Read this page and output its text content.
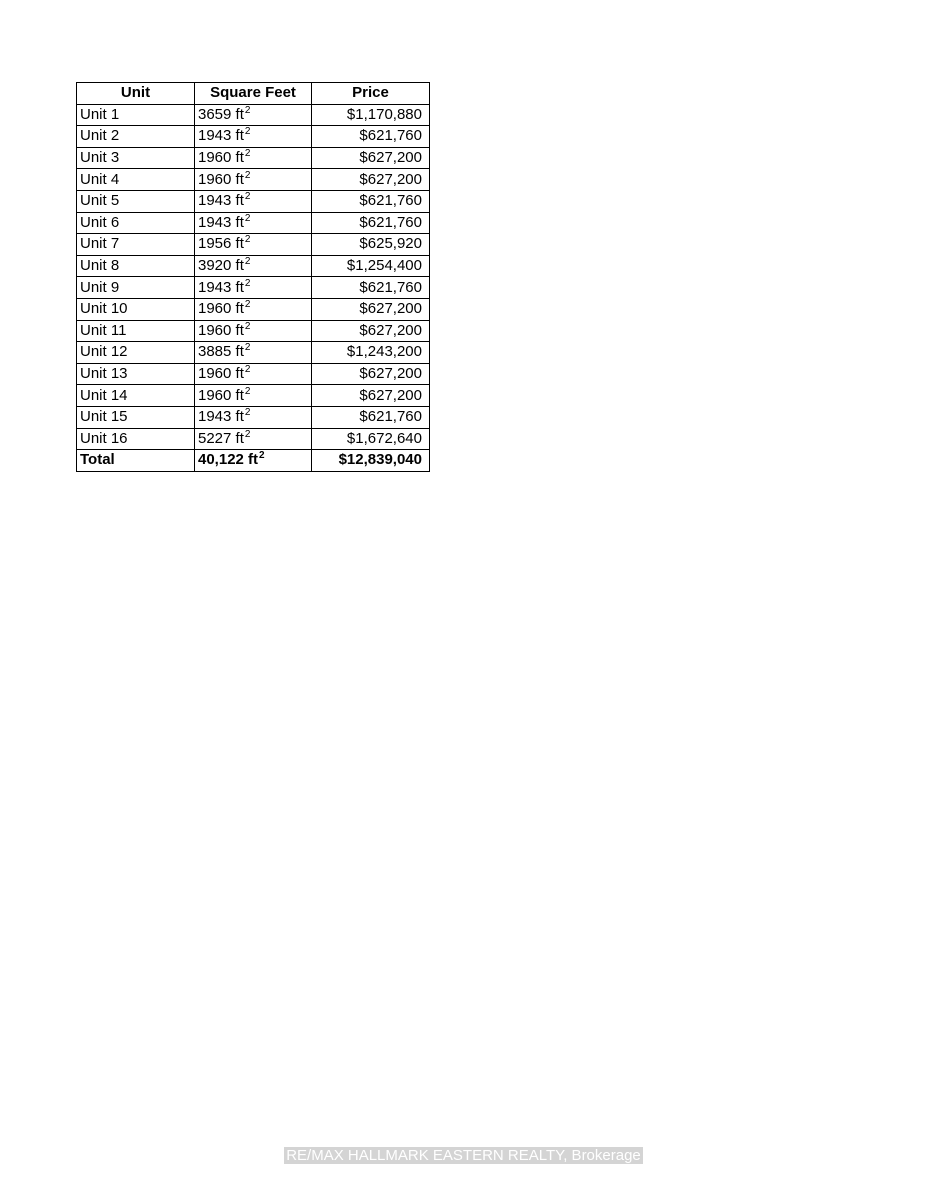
Unit	Square Feet	Price
Unit 1	3659 $ft^2$	$1,170,880
Unit 2	1943 $ft^2$	$621,760
Unit 3	1960 $ft^2$	$627,200
Unit 4	1960 $ft^2$	$627,200
Unit 5	1943 $ft^2$	$621,760
Unit 6	1943 $ft^2$	$621,760
Unit 7	1956 $ft^2$	$625,920
Unit 8	3920 $ft^2$	$1,254,400
Unit 9	1943 $ft^2$	$621,760
Unit 10	1960 $ft^2$	$627,200
Unit 11	1960 $ft^2$	$627,200
Unit 12	3885 $ft^2$	$1,243,200
Unit 13	1960 $ft^2$	$627,200
Unit 14	1960 $ft^2$	$627,200
Unit 15	1943 $ft^2$	$621,760
Unit 16	5227 $ft^2$	$1,672,640
Total	40,122 $ft^2$	$12,839,040
RE/MAX HALLMARK EASTERN REALTY, Brokerage
